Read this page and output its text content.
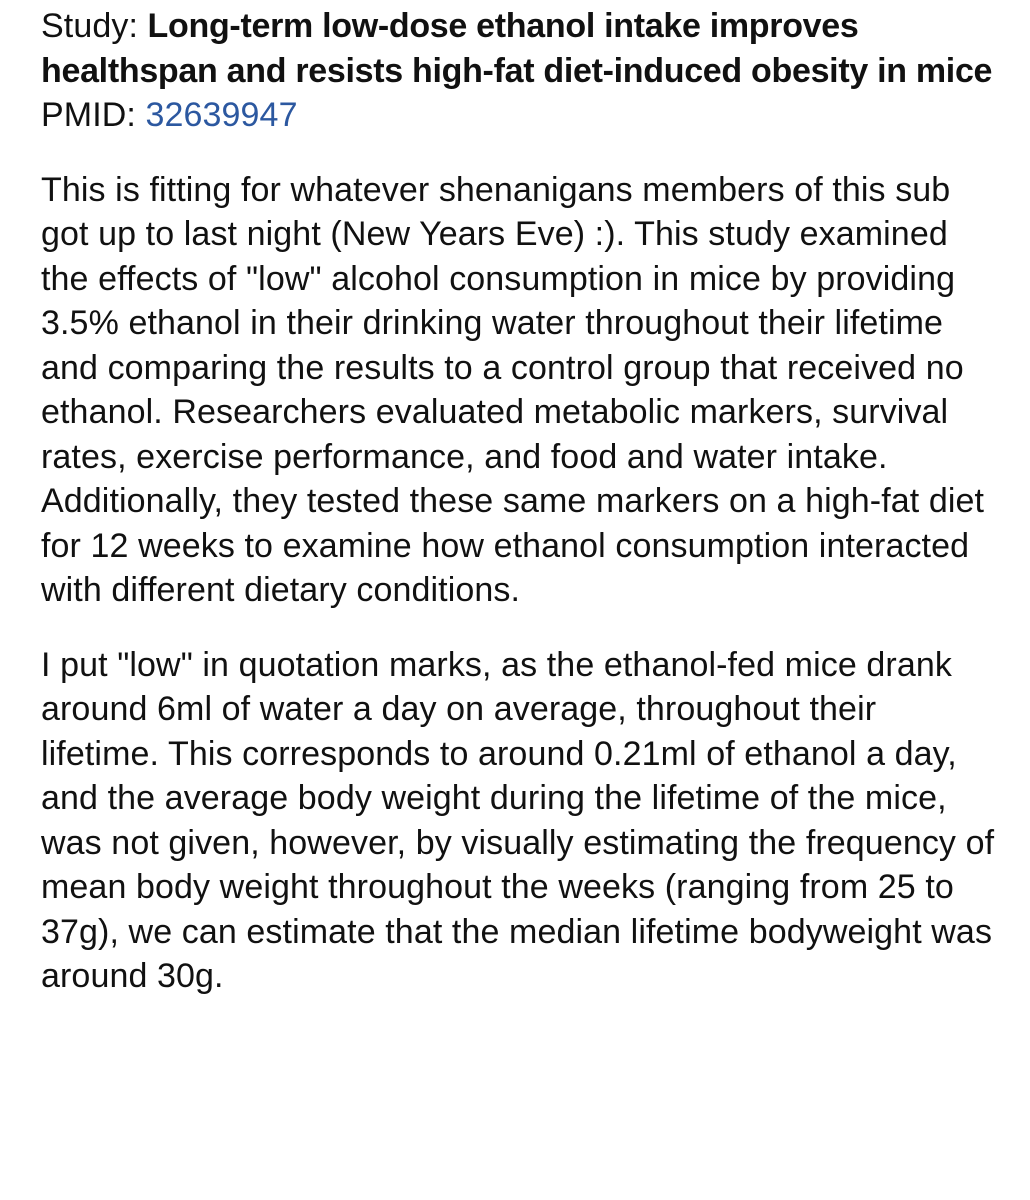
Study: Long-term low-dose ethanol intake improves healthspan and resists high-fat diet-induced obesity in mice PMID: 32639947

This is fitting for whatever shenanigans members of this sub got up to last night (New Years Eve) :). This study examined the effects of "low" alcohol consumption in mice by providing 3.5% ethanol in their drinking water throughout their lifetime and comparing the results to a control group that received no ethanol. Researchers evaluated metabolic markers, survival rates, exercise performance, and food and water intake. Additionally, they tested these same markers on a high-fat diet for 12 weeks to examine how ethanol consumption interacted with different dietary conditions.

I put "low" in quotation marks, as the ethanol-fed mice drank around 6ml of water a day on average, throughout their lifetime. This corresponds to around 0.21ml of ethanol a day, and the average body weight during the lifetime of the mice, was not given, however, by visually estimating the frequency of mean body weight throughout the weeks (ranging from 25 to 37g), we can estimate that the median lifetime bodyweight was around 30g.
